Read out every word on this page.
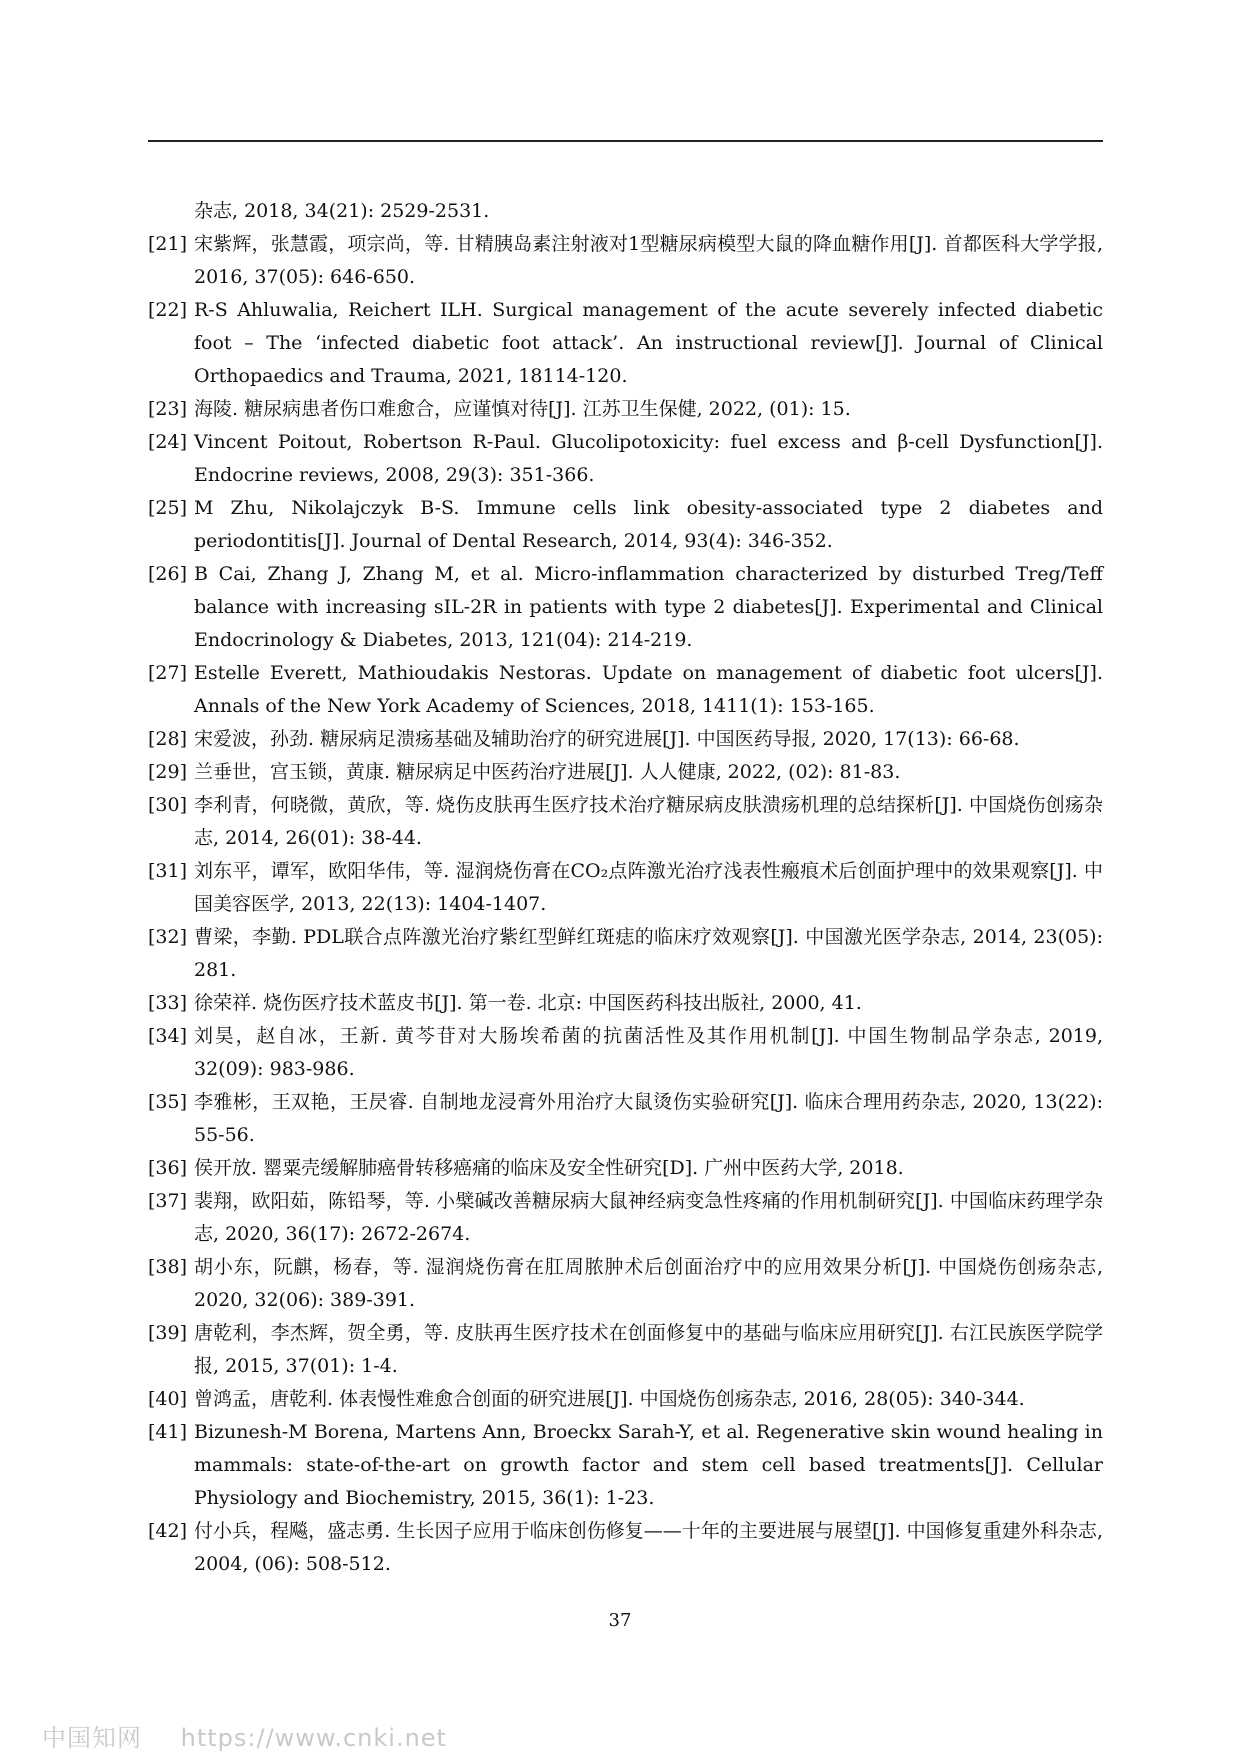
杂志, 2018, 34(21): 2529-2531.
[21] 宋紫辉，张慧霞，项宗尚，等. 甘精胰岛素注射液对1型糖尿病模型大鼠的降血糖作用[J]. 首都医科大学学报, 2016, 37(05): 646-650.
[22] R-S Ahluwalia, Reichert ILH. Surgical management of the acute severely infected diabetic foot – The ‘infected diabetic foot attack’. An instructional review[J]. Journal of Clinical Orthopaedics and Trauma, 2021, 18114-120.
[23] 海陵. 糖尿病患者伤口难愈合，应谨慎对待[J]. 江苏卫生保健, 2022, (01): 15.
[24] Vincent Poitout, Robertson R-Paul. Glucolipotoxicity: fuel excess and β-cell Dysfunction[J]. Endocrine reviews, 2008, 29(3): 351-366.
[25] M Zhu, Nikolajczyk B-S. Immune cells link obesity-associated type 2 diabetes and periodontitis[J]. Journal of Dental Research, 2014, 93(4): 346-352.
[26] B Cai, Zhang J, Zhang M, et al. Micro-inflammation characterized by disturbed Treg/Teff balance with increasing sIL-2R in patients with type 2 diabetes[J]. Experimental and Clinical Endocrinology & Diabetes, 2013, 121(04): 214-219.
[27] Estelle Everett, Mathioudakis Nestoras. Update on management of diabetic foot ulcers[J]. Annals of the New York Academy of Sciences, 2018, 1411(1): 153-165.
[28] 宋爱波，孙劲. 糖尿病足溃疡基础及辅助治疗的研究进展[J]. 中国医药导报, 2020, 17(13): 66-68.
[29] 兰垂世，宫玉锁，黄康. 糖尿病足中医药治疗进展[J]. 人人健康, 2022, (02): 81-83.
[30] 李利青，何晓微，黄欣，等. 烧伤皮肤再生医疗技术治疗糖尿病皮肤溃疡机理的总结探析[J]. 中国烧伤创疡杂志, 2014, 26(01): 38-44.
[31] 刘东平，谭军，欧阳华伟，等. 湿润烧伤膏在CO₂点阵激光治疗浅表性瘢痕术后创面护理中的效果观察[J]. 中国美容医学, 2013, 22(13): 1404-1407.
[32] 曹梁，李勤. PDL联合点阵激光治疗紫红型鲜红斑痣的临床疗效观察[J]. 中国激光医学杂志, 2014, 23(05): 281.
[33] 徐荣祥. 烧伤医疗技术蓝皮书[J]. 第一卷. 北京: 中国医药科技出版社, 2000, 41.
[34] 刘昊，赵自冰，王新. 黄芩苷对大肠埃希菌的抗菌活性及其作用机制[J]. 中国生物制品学杂志, 2019, 32(09): 983-986.
[35] 李雅彬，王双艳，王昃睿. 自制地龙浸膏外用治疗大鼠烫伤实验研究[J]. 临床合理用药杂志, 2020, 13(22): 55-56.
[36] 侯开放. 罂粟壳缓解肺癌骨转移癌痛的临床及安全性研究[D]. 广州中医药大学, 2018.
[37] 裴翔，欧阳茹，陈铅琴，等. 小檗碱改善糖尿病大鼠神经病变急性疼痛的作用机制研究[J]. 中国临床药理学杂志, 2020, 36(17): 2672-2674.
[38] 胡小东，阮麒，杨春，等. 湿润烧伤膏在肛周脓肿术后创面治疗中的应用效果分析[J]. 中国烧伤创疡杂志, 2020, 32(06): 389-391.
[39] 唐乾利，李杰辉，贺全勇，等. 皮肤再生医疗技术在创面修复中的基础与临床应用研究[J]. 右江民族医学院学报, 2015, 37(01): 1-4.
[40] 曾鸿孟，唐乾利. 体表慢性难愈合创面的研究进展[J]. 中国烧伤创疡杂志, 2016, 28(05): 340-344.
[41] Bizunesh-M Borena, Martens Ann, Broeckx Sarah-Y, et al. Regenerative skin wound healing in mammals: state-of-the-art on growth factor and stem cell based treatments[J]. Cellular Physiology and Biochemistry, 2015, 36(1): 1-23.
[42] 付小兵，程飚，盛志勇. 生长因子应用于临床创伤修复——十年的主要进展与展望[J]. 中国修复重建外科杂志, 2004, (06): 508-512.
37
中国知网 https://www.cnki.net
